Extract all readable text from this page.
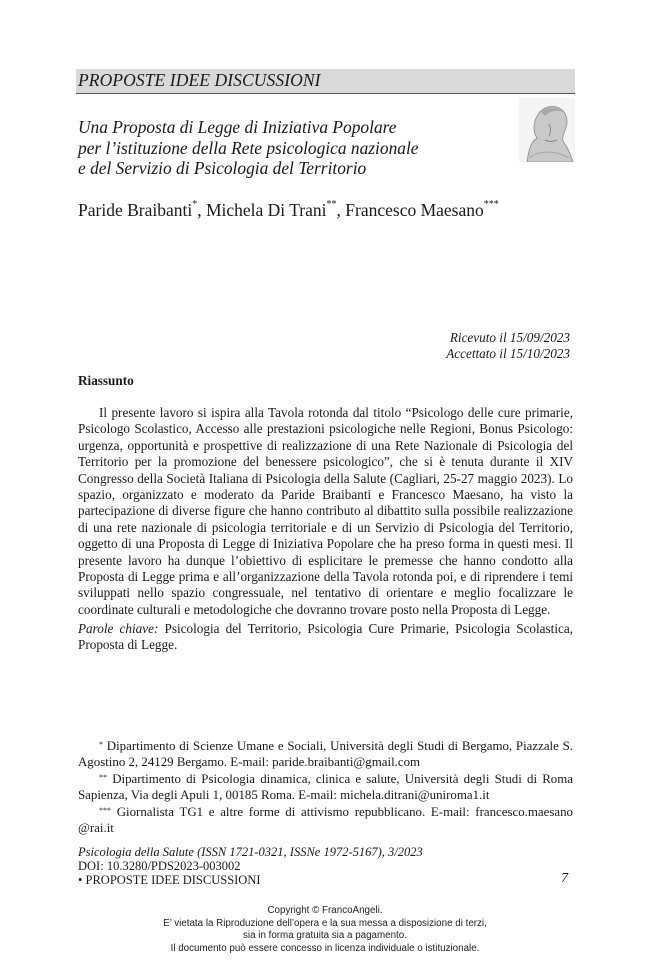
PROPOSTE IDEE DISCUSSIONI
Una Proposta di Legge di Iniziativa Popolare
per l’istituzione della Rete psicologica nazionale
e del Servizio di Psicologia del Territorio
Paride Braibanti*, Michela Di Trani**, Francesco Maesano***
Ricevuto il 15/09/2023
Accettato il 15/10/2023
Riassunto

Il presente lavoro si ispira alla Tavola rotonda dal titolo “Psicologo delle cure primarie, Psicologo Scolastico, Accesso alle prestazioni psicologiche nelle Regioni, Bonus Psicologo: urgenza, opportunità e prospettive di realizzazione di una Rete Nazionale di Psicologia del Territorio per la promozione del benessere psicologico”, che si è tenuta durante il XIV Congresso della Società Italiana di Psicologia della Salute (Cagliari, 25-27 maggio 2023). Lo spazio, organizzato e moderato da Paride Braibanti e Francesco Maesano, ha visto la partecipazione di diverse figure che hanno contributo al dibattito sulla possibile realizzazione di una rete nazionale di psicologia territoriale e di un Servizio di Psicologia del Territorio, oggetto di una Proposta di Legge di Iniziativa Popolare che ha preso forma in questi mesi. Il presente lavoro ha dunque l’obiettivo di esplicitare le premesse che hanno condotto alla Proposta di Legge prima e all’organizzazione della Tavola rotonda poi, e di riprendere i temi sviluppati nello spazio congressuale, nel tentativo di orientare e meglio focalizzare le coordinate culturali e metodologiche che dovranno trovare posto nella Proposta di Legge.

Parole chiave: Psicologia del Territorio, Psicologia Cure Primarie, Psicologia Scolastica, Proposta di Legge.

* Dipartimento di Scienze Umane e Sociali, Università degli Studi di Bergamo, Piazzale S. Agostino 2, 24129 Bergamo. E-mail: paride.braibanti@gmail.com

** Dipartimento di Psicologia dinamica, clinica e salute, Università degli Studi di Roma Sapienza, Via degli Apuli 1, 00185 Roma. E-mail: michela.ditrani@uniroma1.it

*** Giornalista TG1 e altre forme di attivismo repubblicano. E-mail: francesco.maesano @rai.it

Psicologia della Salute (ISSN 1721-0321, ISSNe 1972-5167), 3/2023
DOI: 10.3280/PDS2023-003002
• PROPOSTE IDEE DISCUSSIONI	7
Copyright © FrancoAngeli.
E’ vietata la Riproduzione dell’opera e la sua messa a disposizione di terzi,
sia in forma gratuita sia a pagamento.
Il documento può essere concesso in licenza individuale o istituzionale.
